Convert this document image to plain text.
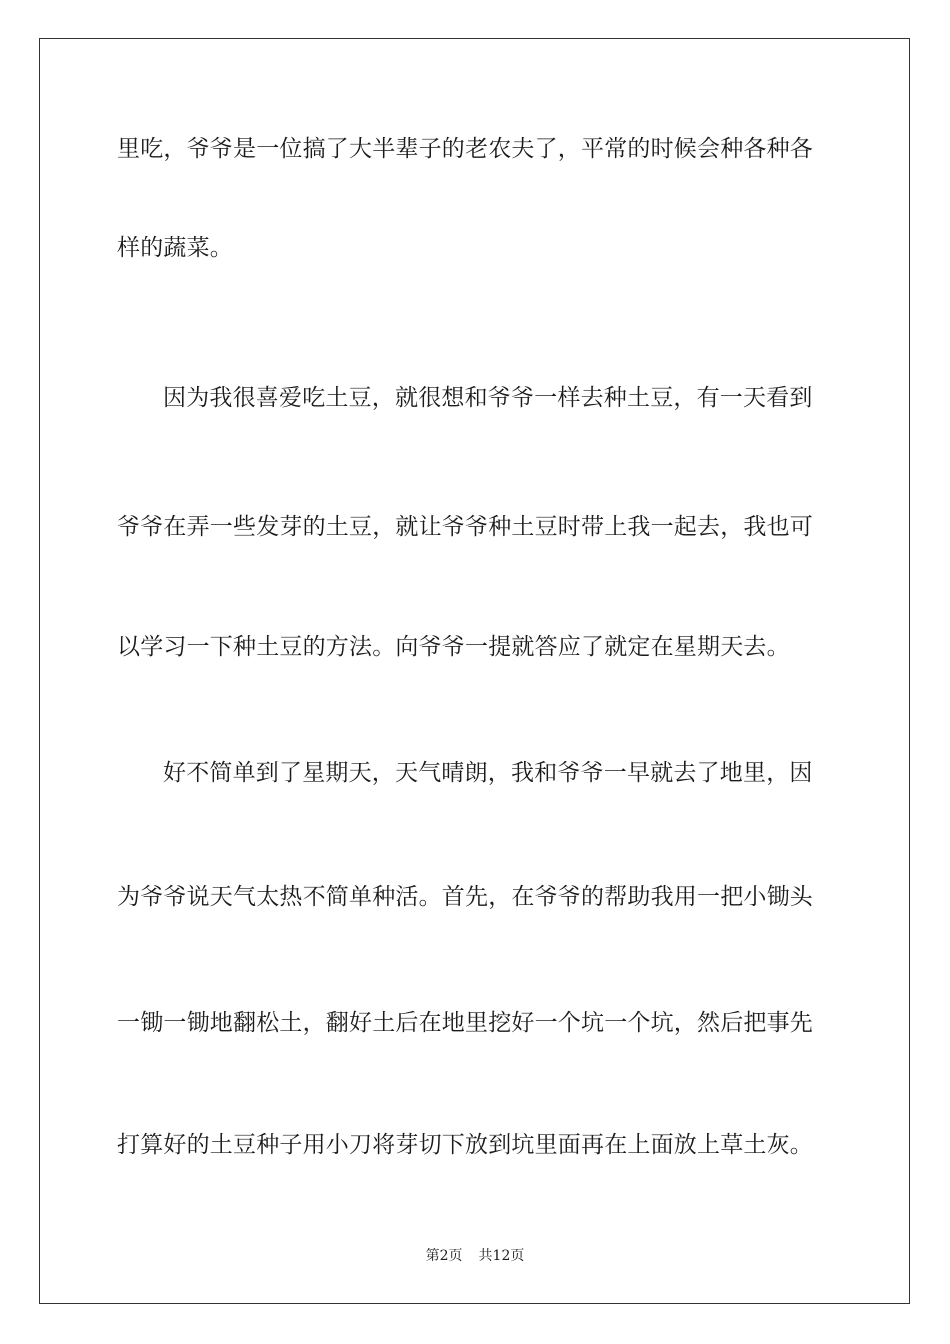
里吃，爷爷是一位搞了大半辈子的老农夫了，平常的时候会种各种各
样的蔬菜。
因为我很喜爱吃土豆，就很想和爷爷一样去种土豆，有一天看到
爷爷在弄一些发芽的土豆，就让爷爷种土豆时带上我一起去，我也可
以学习一下种土豆的方法。向爷爷一提就答应了就定在星期天去。
好不简单到了星期天，天气晴朗，我和爷爷一早就去了地里，因
为爷爷说天气太热不简单种活。首先，在爷爷的帮助我用一把小锄头
一锄一锄地翻松土，翻好土后在地里挖好一个坑一个坑，然后把事先
打算好的土豆种子用小刀将芽切下放到坑里面再在上面放上草土灰。
第2页 共12页
